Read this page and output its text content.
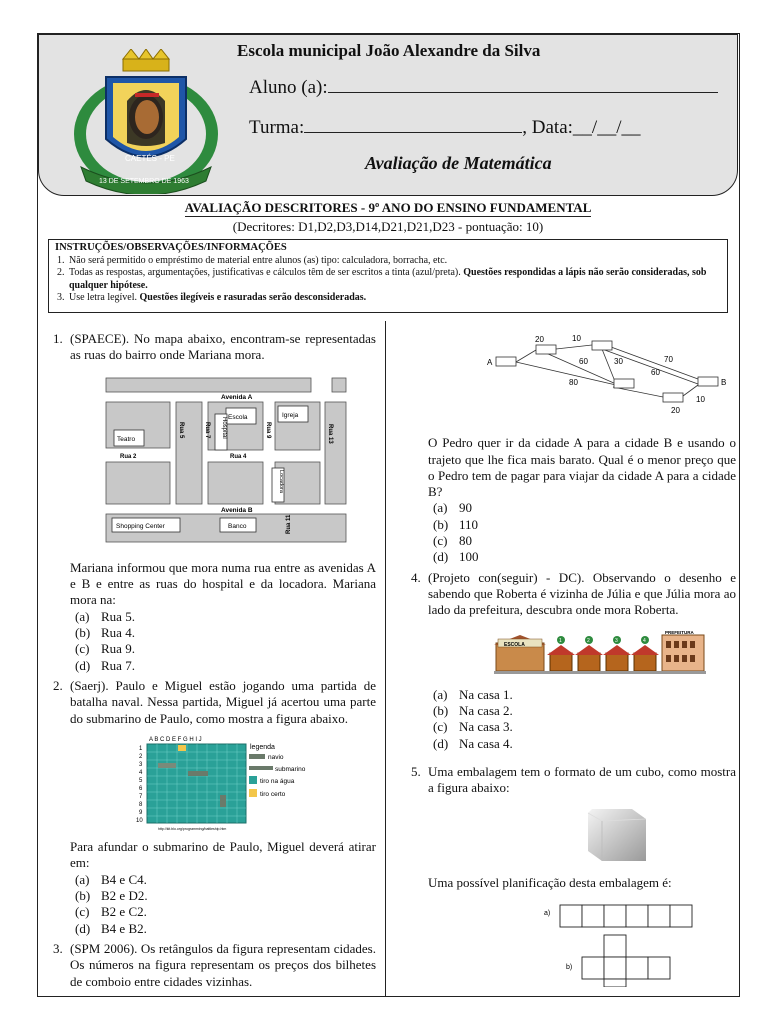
CAETÉS - PE
13 DE SETEMBRO DE 1963
Escola municipal João Alexandre da Silva
Aluno (a):
Turma:	, Data:__/__/__
Avaliação de Matemática
AVALIAÇÃO DESCRITORES - 9º ANO DO ENSINO FUNDAMENTAL
(Decritores: D1,D2,D3,D14,D21,D21,D23 - pontuação: 10)
INSTRUÇÕES/OBSERVAÇÕES/INFORMAÇÕES
1. Não será permitido o empréstimo de material entre alunos (as) tipo: calculadora, borracha, etc.
2. Todas as respostas, argumentações, justificativas e cálculos têm de ser escritos a tinta (azul/preta). Questões respondidas a lápis não serão consideradas, sob qualquer hipótese.
3. Use letra legível. Questões ilegíveis e rasuradas serão desconsideradas.
1. (SPAECE). No mapa abaixo, encontram-se representadas as ruas do bairro onde Mariana mora.
Avenida A
Avenida B
Escola	Igreja
Teatro
Hospital
Locadora
Shopping Center	Banco
Rua 2	Rua 4
Rua 5	Rua 7	Rua 9
Rua 11
Rua 13
Mariana informou que mora numa rua entre as avenidas A e B e entre as ruas do hospital e da locadora. Mariana mora na:
(a) Rua 5.
(b) Rua 4.
(c) Rua 9.
(d) Rua 7.
2. (Saerj). Paulo e Miguel estão jogando uma partida de batalha naval. Nessa partida, Miguel já acertou uma parte do submarino de Paulo, como mostra a figura abaixo.
A B C D E F G H I J
1
2
3
4
5
6
7
8
9
10
legenda
navio
submarino
tiro na água
tiro certo
http://kit.blo.org/programming/battleship.htm
Para afundar o submarino de Paulo, Miguel deverá atirar em:
(a) B4 e C4.
(b) B2 e D2.
(c) B2 e C2.
(d) B4 e B2.
3. (SPM 2006). Os retângulos da figura representam cidades. Os números na figura representam os preços dos bilhetes de comboio entre cidades vizinhas.
A
B
20	10
60	30	70
60
80
20
10
O Pedro quer ir da cidade A para a cidade B e usando o trajeto que lhe fica mais barato. Qual é o menor preço que o Pedro tem de pagar para viajar da cidade A para a cidade B?
(a) 90
(b) 110
(c) 80
(d) 100
4. (Projeto con(seguir) - DC). Observando o desenho e sabendo que Roberta é vizinha de Júlia e que Júlia mora ao lado da prefeitura, descubra onde mora Roberta.
ESCOLA
1	2	3	4
PREFEITURA
(a) Na casa 1.
(b) Na casa 2.
(c) Na casa 3.
(d) Na casa 4.
5. Uma embalagem tem o formato de um cubo, como mostra a figura abaixo:
Uma possível planificação desta embalagem é:
a)
b)
